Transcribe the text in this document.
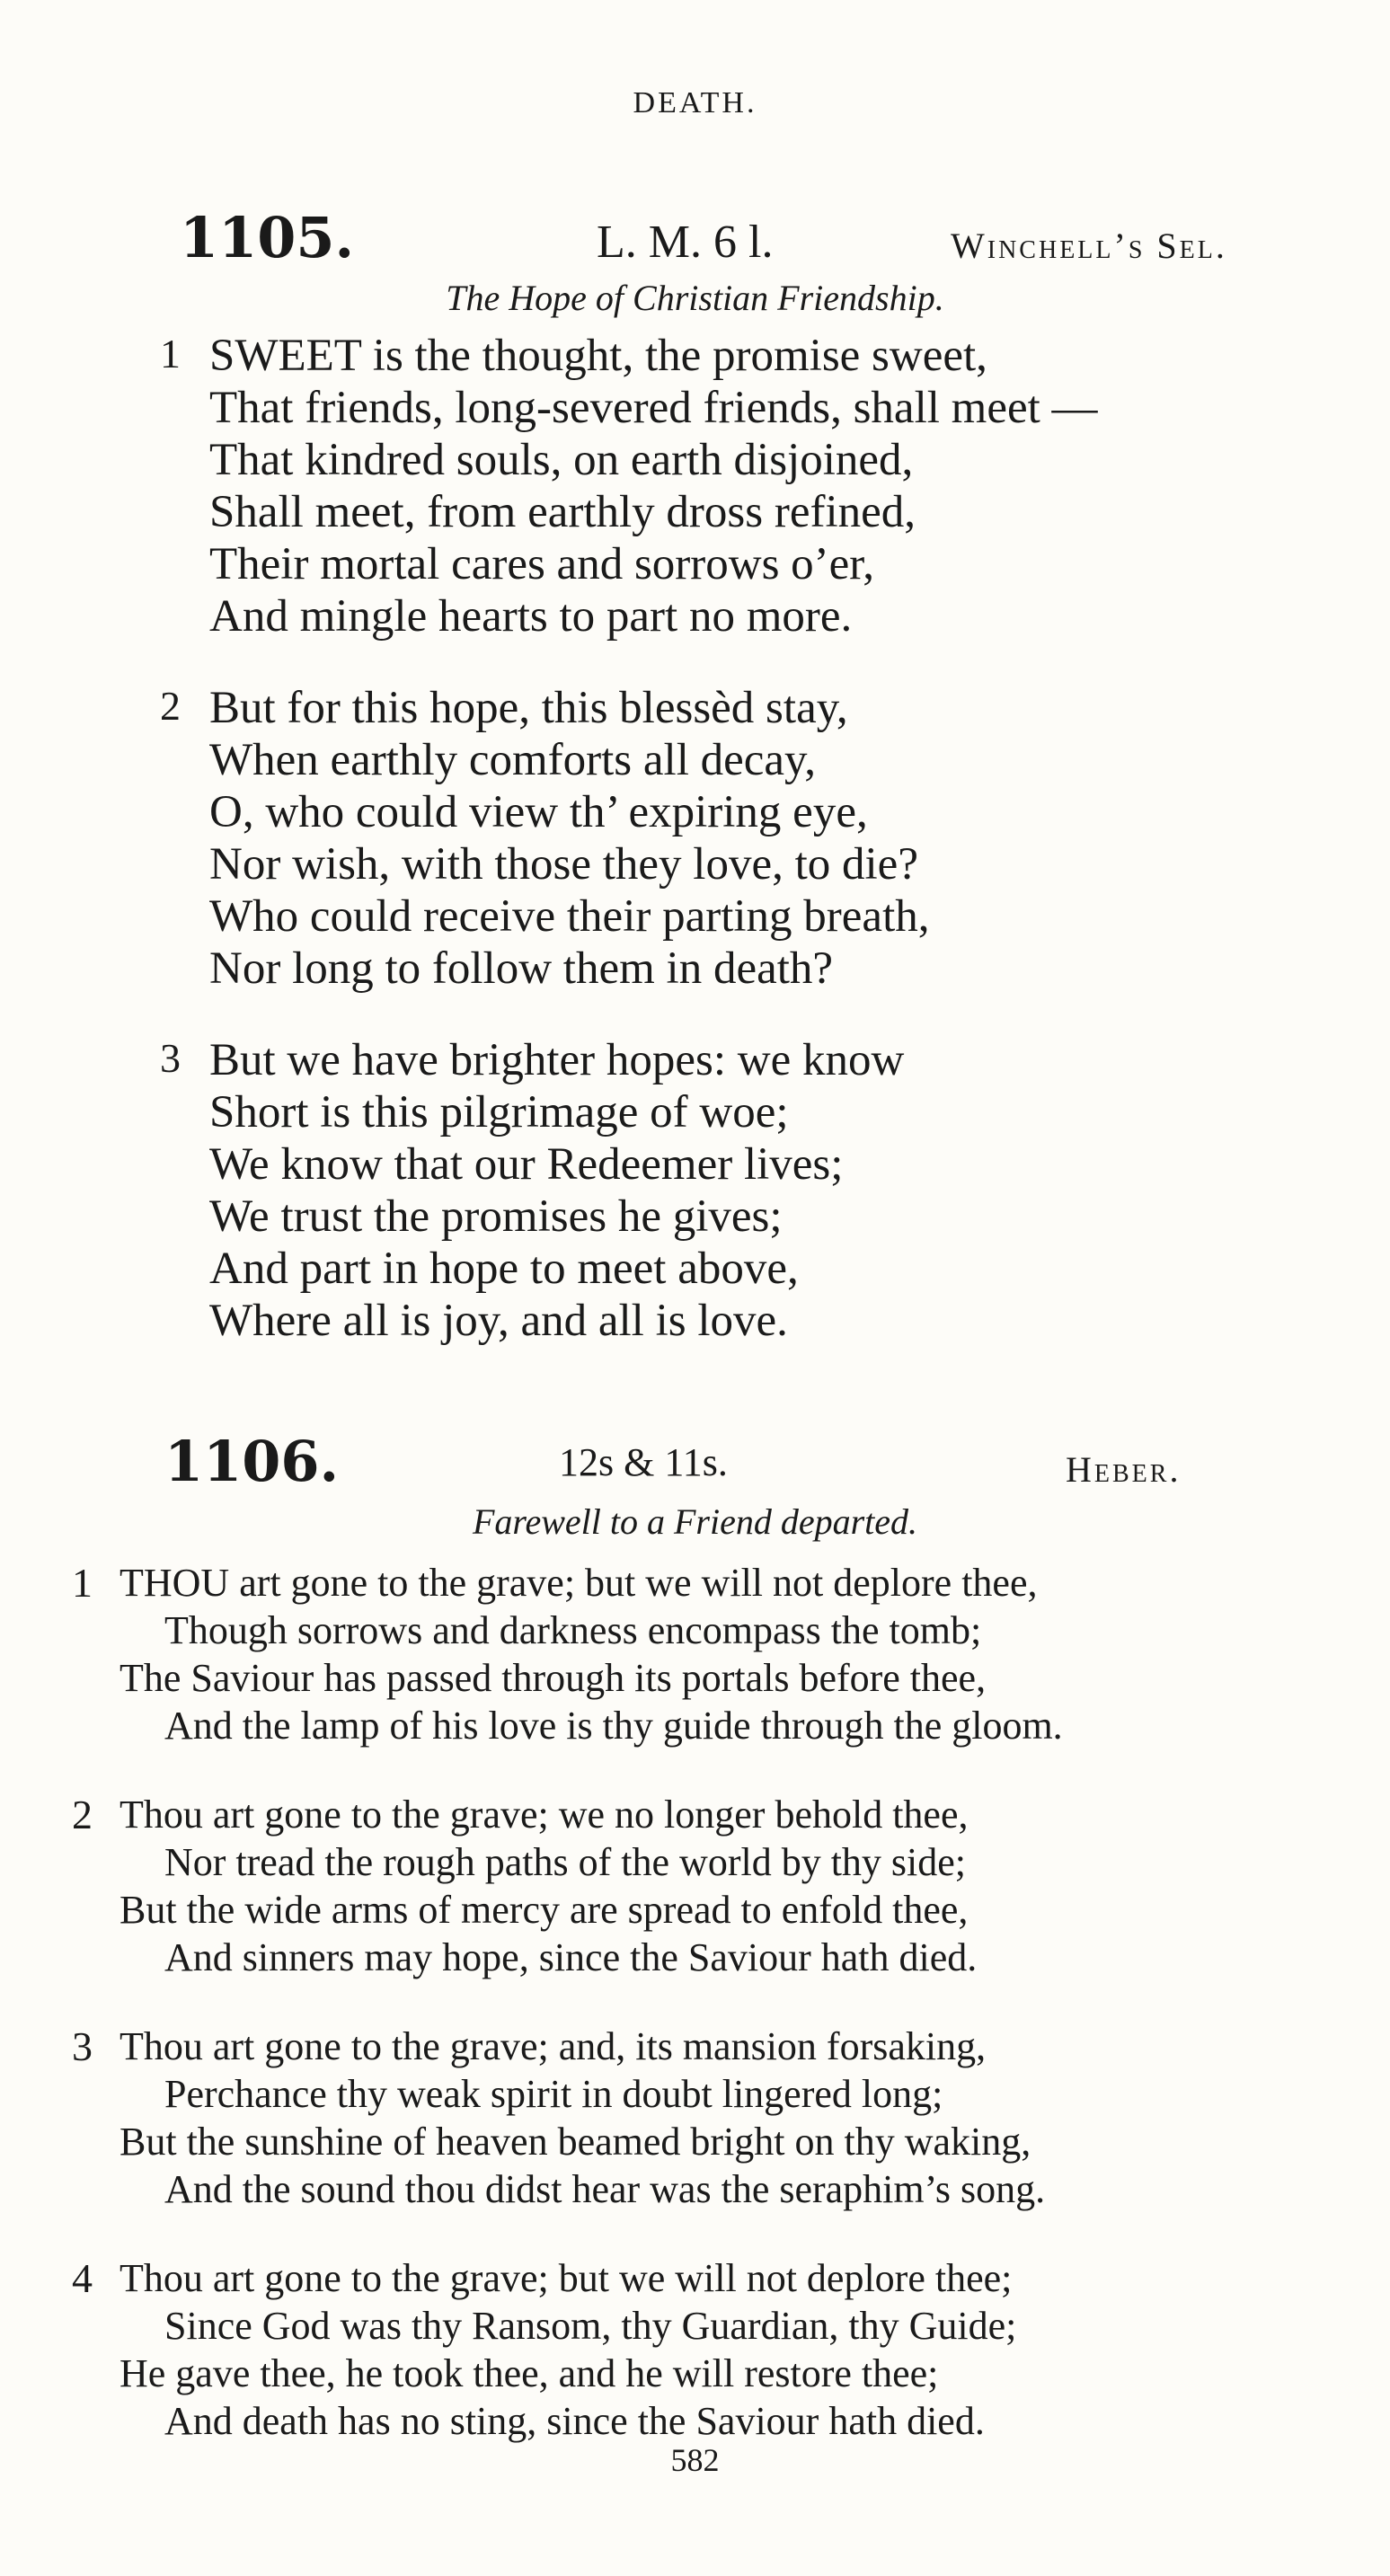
DEATH.
1105.	L. M. 6 l.	Winchell’s Sel.
The Hope of Christian Friendship.
1 SWEET is the thought, the promise sweet,
That friends, long-severed friends, shall meet —
That kindred souls, on earth disjoined,
Shall meet, from earthly dross refined,
Their mortal cares and sorrows o’er,
And mingle hearts to part no more.
2 But for this hope, this blessèd stay,
When earthly comforts all decay,
O, who could view th’ expiring eye,
Nor wish, with those they love, to die?
Who could receive their parting breath,
Nor long to follow them in death?
3 But we have brighter hopes: we know
Short is this pilgrimage of woe;
We know that our Redeemer lives;
We trust the promises he gives;
And part in hope to meet above,
Where all is joy, and all is love.
1106.	12s & 11s.	Heber.
Farewell to a Friend departed.
1 THOU art gone to the grave; but we will not deplore thee,
Though sorrows and darkness encompass the tomb;
The Saviour has passed through its portals before thee,
And the lamp of his love is thy guide through the gloom.
2 Thou art gone to the grave; we no longer behold thee,
Nor tread the rough paths of the world by thy side;
But the wide arms of mercy are spread to enfold thee,
And sinners may hope, since the Saviour hath died.
3 Thou art gone to the grave; and, its mansion forsaking,
Perchance thy weak spirit in doubt lingered long;
But the sunshine of heaven beamed bright on thy waking,
And the sound thou didst hear was the seraphim’s song.
4 Thou art gone to the grave; but we will not deplore thee;
Since God was thy Ransom, thy Guardian, thy Guide;
He gave thee, he took thee, and he will restore thee;
And death has no sting, since the Saviour hath died.
582
